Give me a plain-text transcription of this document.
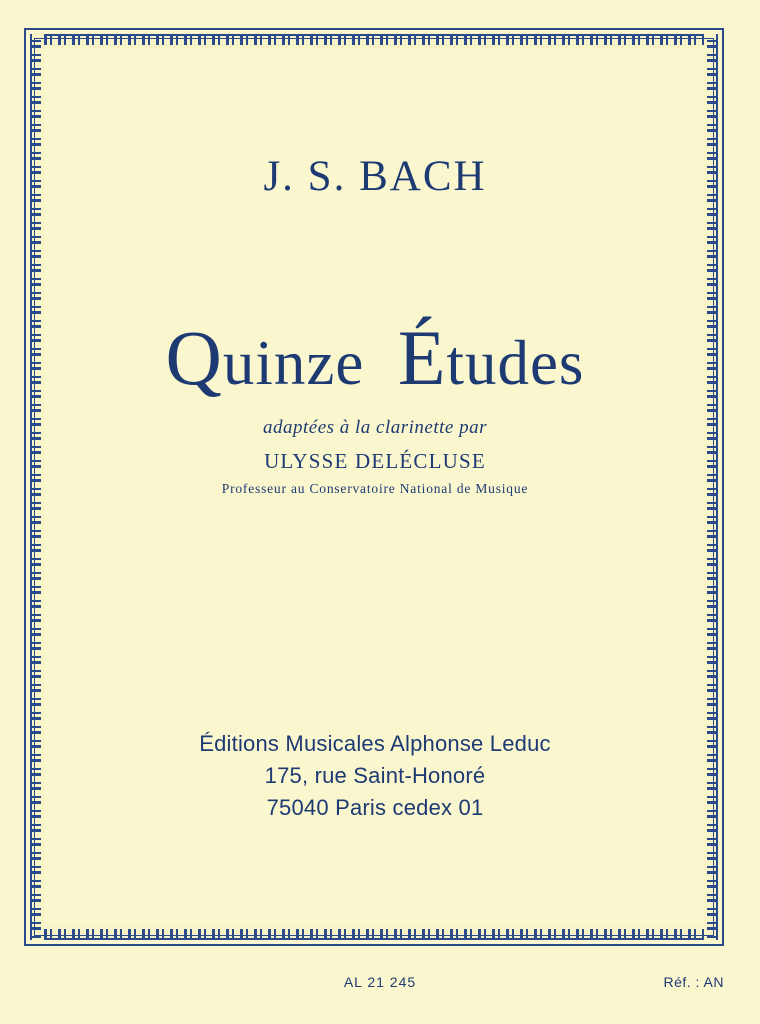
J. S. BACH
Quinze Études
adaptées à la clarinette par
ULYSSE DELÉCLUSE
Professeur au Conservatoire National de Musique
Éditions Musicales Alphonse Leduc
175, rue Saint-Honoré
75040 Paris cedex 01
AL 21 245	Réf. : AN
